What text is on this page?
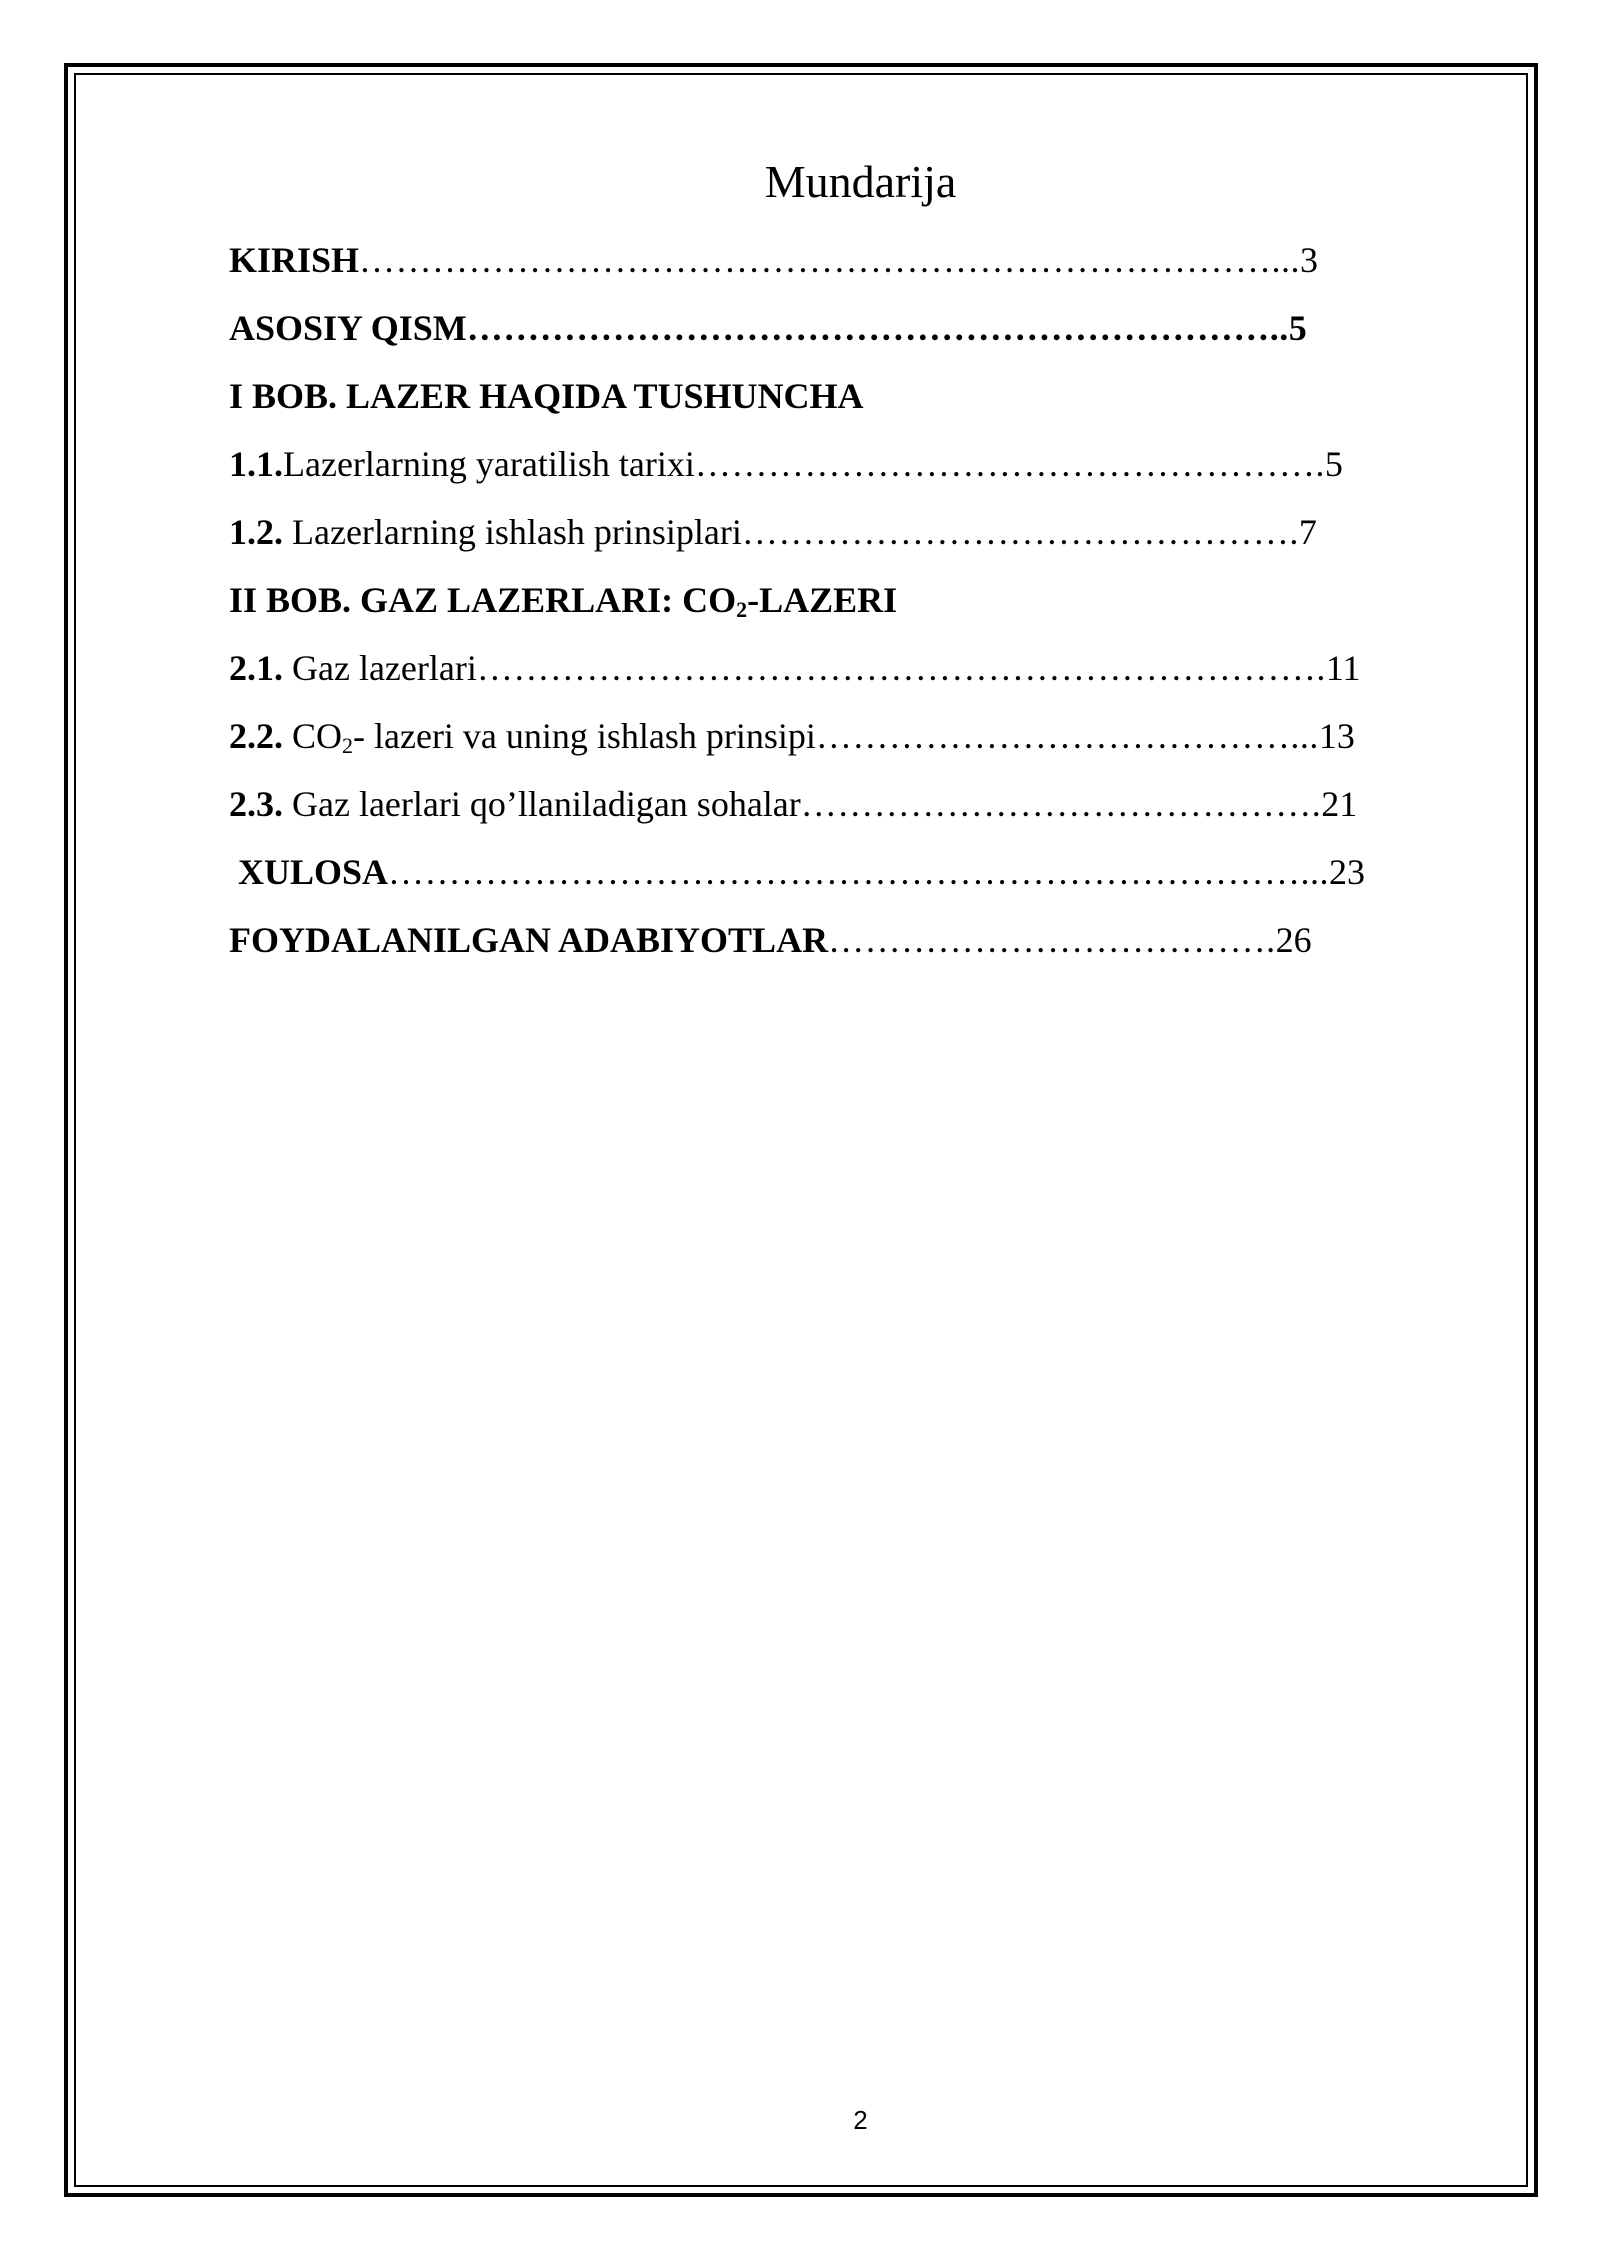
Mundarija
KIRISH…………………………………………………………………...3
ASOSIY QISM…………………………………………………………..5
I BOB. LAZER HAQIDA TUSHUNCHA
1.1.Lazerlarning yaratilish tarixi…………………………………………….5
1.2. Lazerlarning ishlash prinsiplari……………………………………….7
II BOB. GAZ LAZERLARI: $CO_2$-LAZERI
2.1. Gaz lazerlari…………………………………………………………….11
2.2. $CO_2-$ lazeri va uning ishlash prinsipi…………………………………...13
2.3. Gaz laerlari qo’llaniladigan sohalar…………………………………….21
XULOSA…………………………………………………………………...23
FOYDALANILGAN ADABIYOTLAR……………………………….26
2
